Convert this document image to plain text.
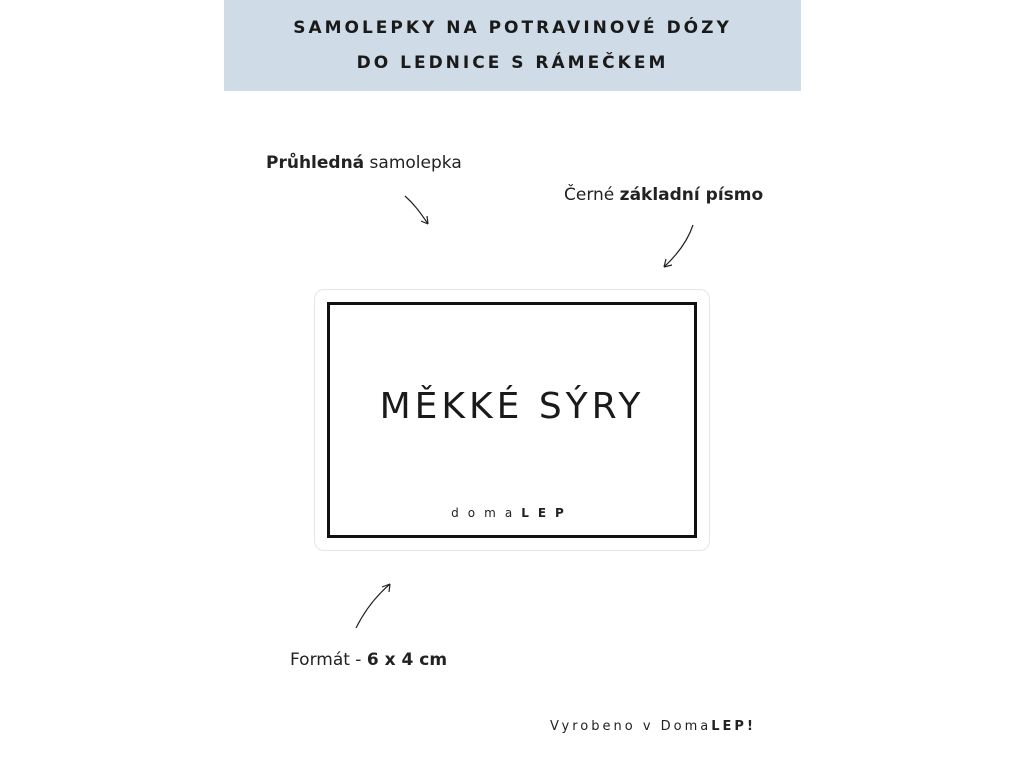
SAMOLEPKY NA POTRAVINOVÉ DÓZY
DO LEDNICE S RÁMEČKEM
Průhledná samolepka
Černé základní písmo
MĚKKÉ SÝRY
domaLEP
Formát - 6 x 4 cm
Vyrobeno v DomaLEP!
